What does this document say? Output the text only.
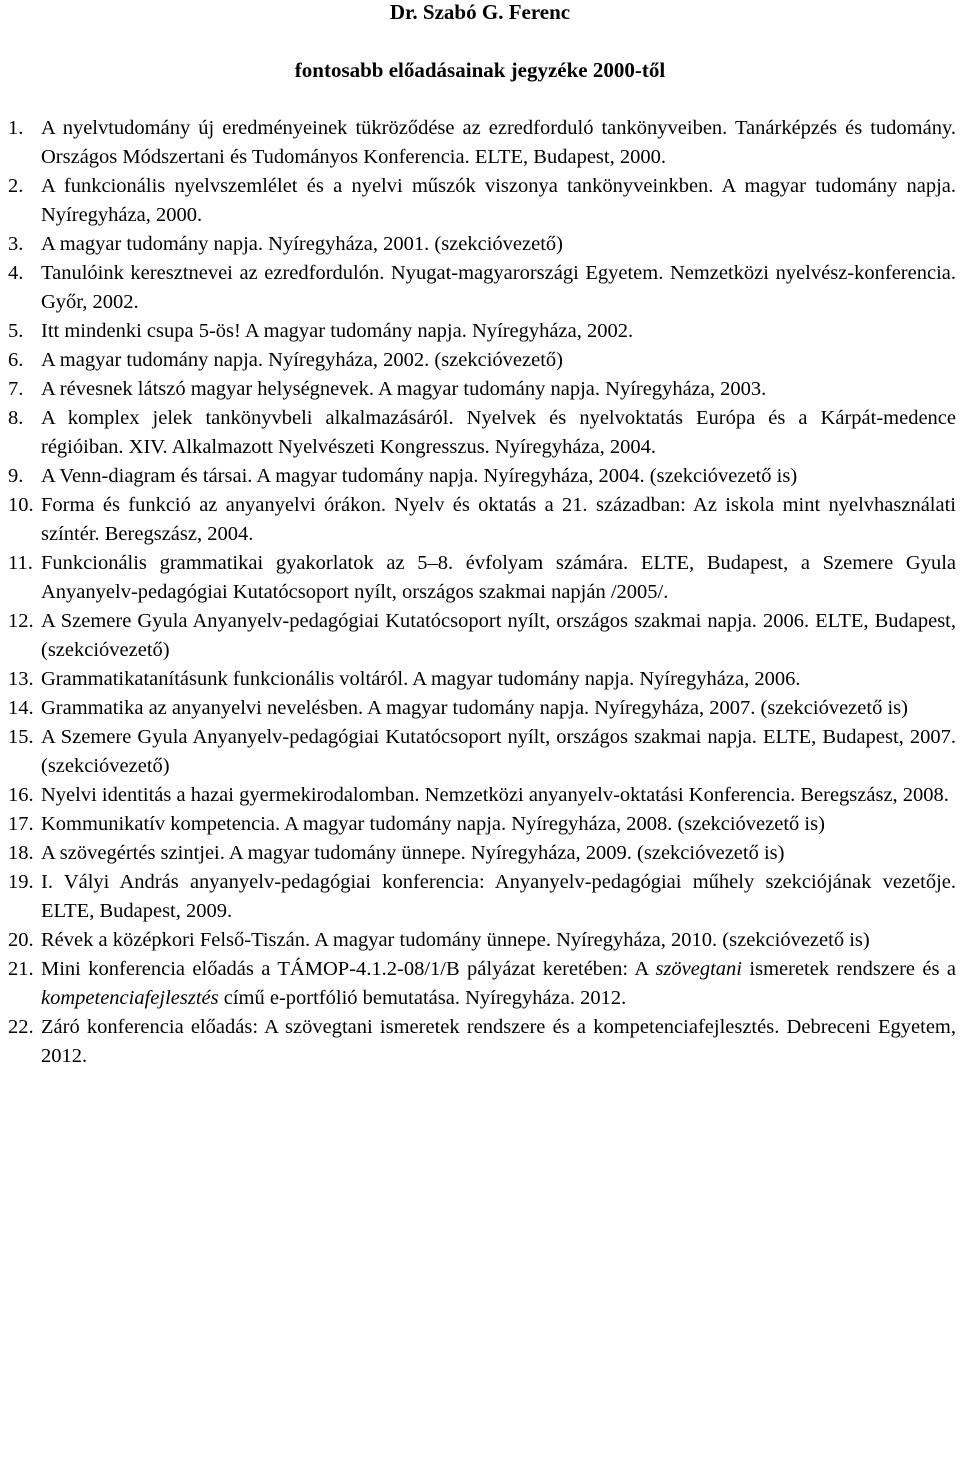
Dr. Szabó G. Ferenc
fontosabb előadásainak jegyzéke 2000-től
1. A nyelvtudomány új eredményeinek tükröződése az ezredforduló tankönyveiben. Tanárképzés és tudomány. Országos Módszertani és Tudományos Konferencia. ELTE, Budapest, 2000.
2. A funkcionális nyelvszemlélet és a nyelvi műszók viszonya tankönyveinkben. A magyar tudomány napja. Nyíregyháza, 2000.
3. A magyar tudomány napja. Nyíregyháza, 2001. (szekcióvezető)
4. Tanulóink keresztnevei az ezredfordulón. Nyugat-magyarországi Egyetem. Nemzetközi nyelvész-konferencia. Győr, 2002.
5. Itt mindenki csupa 5-ös! A magyar tudomány napja. Nyíregyháza, 2002.
6. A magyar tudomány napja. Nyíregyháza, 2002. (szekcióvezető)
7. A révesnek látszó magyar helységnevek. A magyar tudomány napja. Nyíregyháza, 2003.
8. A komplex jelek tankönyvbeli alkalmazásáról. Nyelvek és nyelvoktatás Európa és a Kárpát-medence régióiban. XIV. Alkalmazott Nyelvészeti Kongresszus. Nyíregyháza, 2004.
9. A Venn-diagram és társai. A magyar tudomány napja. Nyíregyháza, 2004. (szekcióvezető is)
10. Forma és funkció az anyanyelvi órákon. Nyelv és oktatás a 21. században: Az iskola mint nyelvhasználati színtér. Beregszász, 2004.
11. Funkcionális grammatikai gyakorlatok az 5–8. évfolyam számára. ELTE, Budapest, a Szemere Gyula Anyanyelv-pedagógiai Kutatócsoport nyílt, országos szakmai napján /2005/.
12. A Szemere Gyula Anyanyelv-pedagógiai Kutatócsoport nyílt, országos szakmai napja. 2006. ELTE, Budapest, (szekcióvezető)
13. Grammatikatanításunk funkcionális voltáról. A magyar tudomány napja. Nyíregyháza, 2006.
14. Grammatika az anyanyelvi nevelésben. A magyar tudomány napja. Nyíregyháza, 2007. (szekcióvezető is)
15. A Szemere Gyula Anyanyelv-pedagógiai Kutatócsoport nyílt, országos szakmai napja. ELTE, Budapest, 2007. (szekcióvezető)
16. Nyelvi identitás a hazai gyermekirodalomban. Nemzetközi anyanyelv-oktatási Konferencia. Beregszász, 2008.
17. Kommunikatív kompetencia. A magyar tudomány napja. Nyíregyháza, 2008. (szekcióvezető is)
18. A szövegértés szintjei. A magyar tudomány ünnepe. Nyíregyháza, 2009. (szekcióvezető is)
19. I. Vályi András anyanyelv-pedagógiai konferencia: Anyanyelv-pedagógiai műhely szekciójának vezetője. ELTE, Budapest, 2009.
20. Révek a középkori Felső-Tiszán. A magyar tudomány ünnepe. Nyíregyháza, 2010. (szekcióvezető is)
21. Mini konferencia előadás a TÁMOP-4.1.2-08/1/B pályázat keretében: A szövegtani ismeretek rendszere és a kompetenciafejlesztés című e-portfólió bemutatása. Nyíregyháza. 2012.
22. Záró konferencia előadás: A szövegtani ismeretek rendszere és a kompetenciafejlesztés. Debreceni Egyetem, 2012.
